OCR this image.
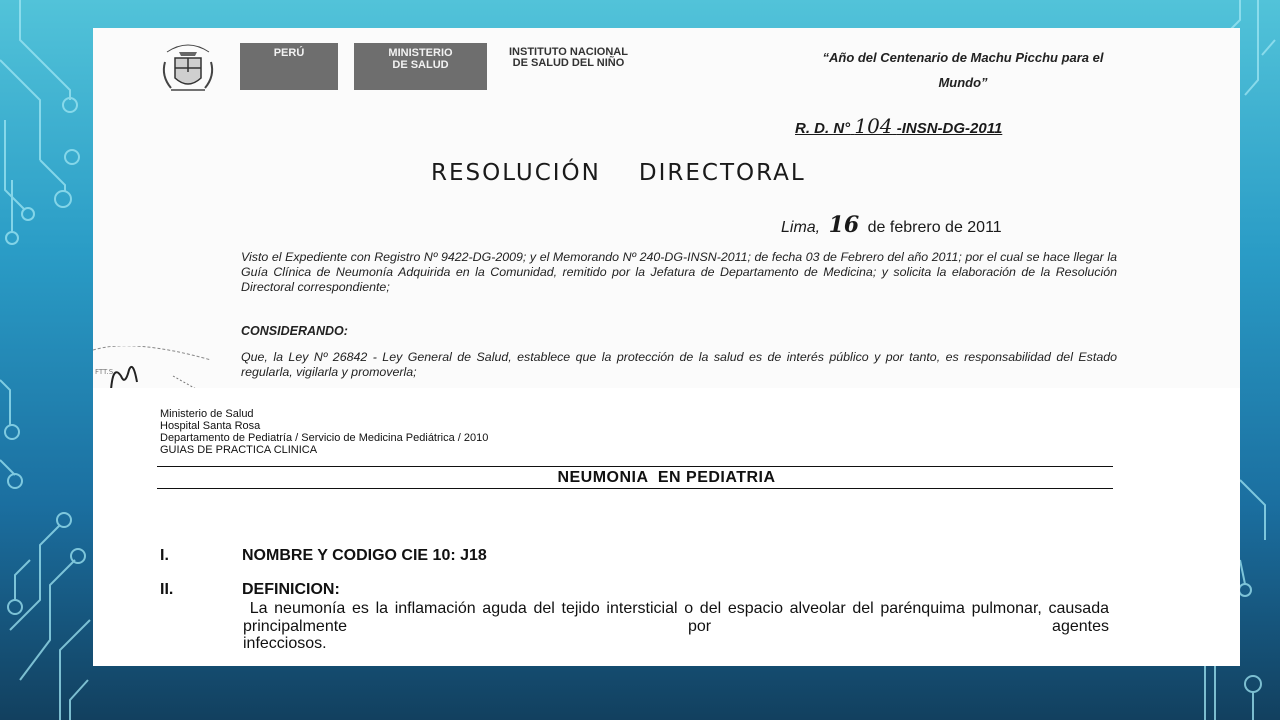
PERÚ	MINISTERIO
DE SALUD
INSTITUTO NACIONAL
DE SALUD DEL NIÑO	“Año del Centenario de Machu Picchu para el
Mundo”
R. D. N° 104 -INSN-DG-2011
RESOLUCIÓN DIRECTORAL
Lima, 16 de febrero de 2011
Visto el Expediente con Registro Nº 9422-DG-2009; y el Memorando Nº 240-DG-INSN-2011; de fecha 03 de Febrero del año 2011; por el cual se hace llegar la Guía Clínica de Neumonía Adquirida en la Comunidad, remitido por la Jefatura de Departamento de Medicina; y solicita la elaboración de la Resolución Directoral correspondiente;
CONSIDERANDO:
Que, la Ley Nº 26842 - Ley General de Salud, establece que la protección de la salud es de interés público y por tanto, es responsabilidad del Estado regularla, vigilarla y promoverla;
FTT.S
Ministerio de Salud
Hospital Santa Rosa
Departamento de Pediatría / Servicio de Medicina Pediátrica / 2010
GUIAS DE PRACTICA CLINICA
NEUMONIA  EN PEDIATRIA
I.	NOMBRE Y CODIGO CIE 10: J18
II.	DEFINICION:
La neumonía es la inflamación aguda del tejido intersticial o del espacio alveolar del parénquima pulmonar, causada principalmente por agentes
infecciosos.
